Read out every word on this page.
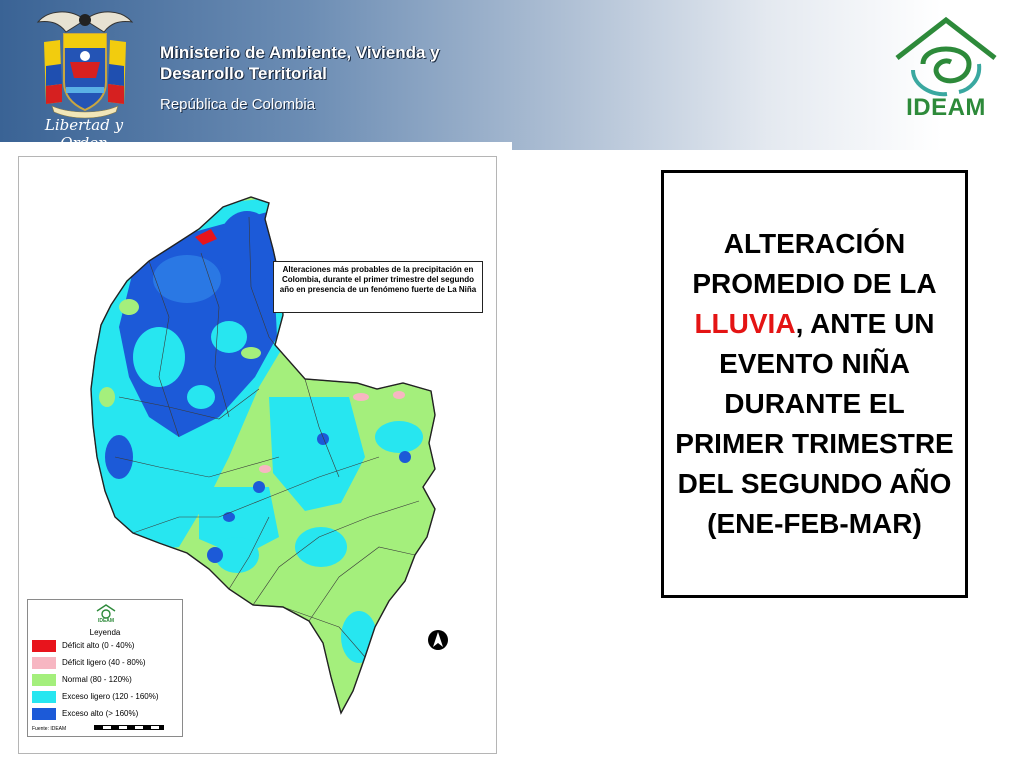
Libertad y Orden
Ministerio de Ambiente, Vivienda y
Desarrollo Territorial
República de Colombia	IDEAM
Alteraciones más probables de la precipitación en Colombia, durante el primer trimestre del segundo año en presencia de un fenómeno fuerte de La Niña
IDEAM
Leyenda
Déficit alto (0 - 40%)
Déficit ligero (40 - 80%)
Normal (80 - 120%)
Exceso ligero (120 - 160%)
Exceso alto (> 160%)
Fuente: IDEAM
ALTERACIÓN PROMEDIO DE LA LLUVIA, ANTE UN EVENTO NIÑA DURANTE EL PRIMER TRIMESTRE DEL SEGUNDO AÑO (ENE-FEB-MAR)
